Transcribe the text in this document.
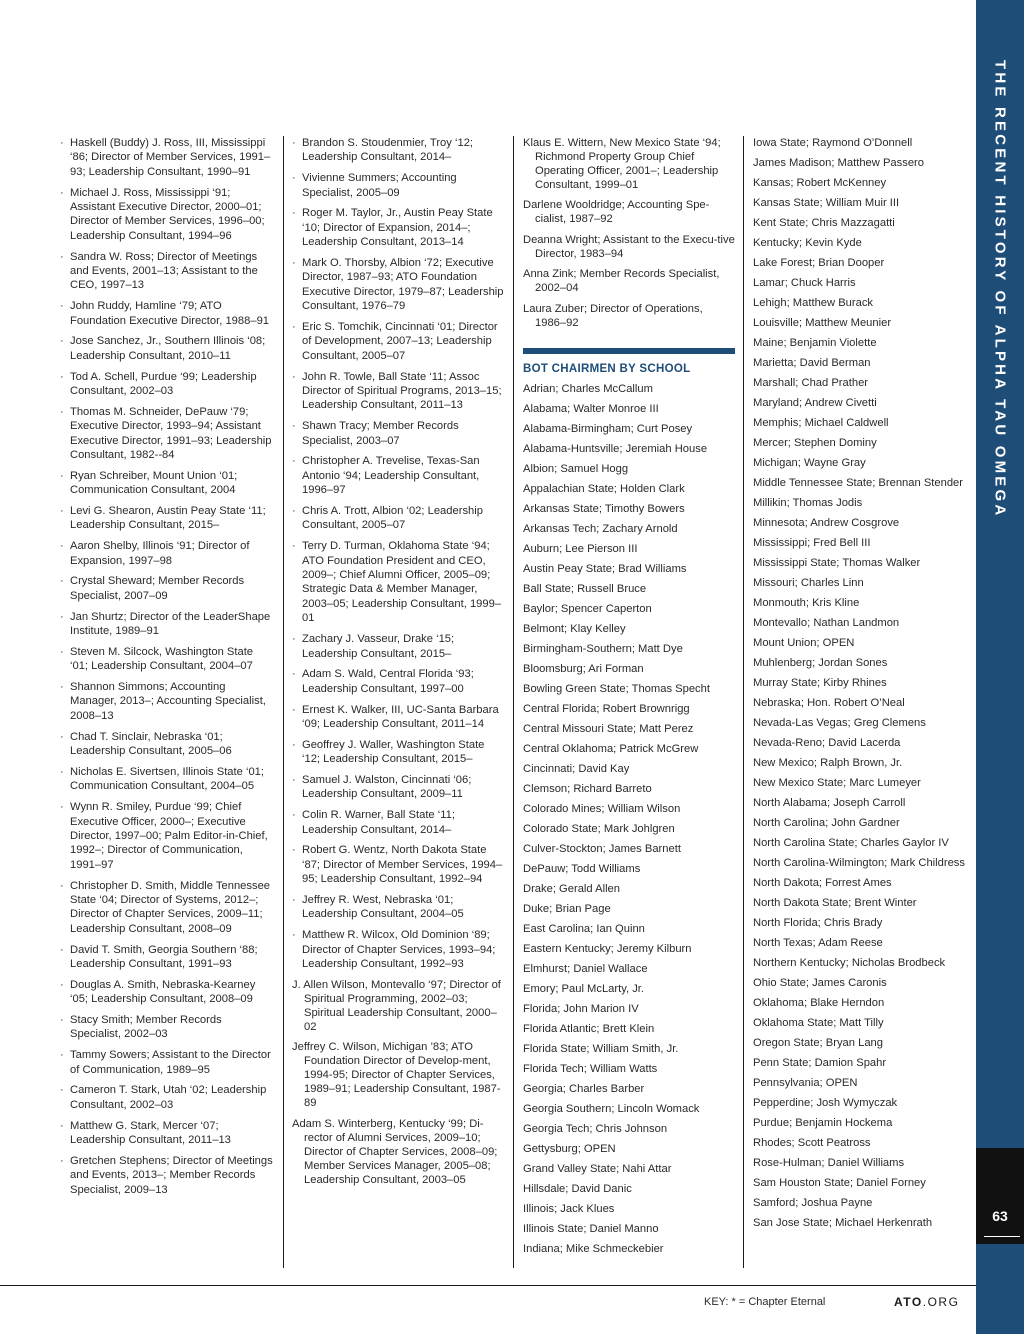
· Haskell (Buddy) J. Ross, III, Mississippi ‘86; Director of Member Services, 1991–93; Leadership Consultant, 1990–91
· Michael J. Ross, Mississippi ‘91; Assistant Executive Director, 2000–01; Director of Member Services, 1996–00; Leadership Consultant, 1994–96
· Sandra W. Ross; Director of Meetings and Events, 2001–13; Assistant to the CEO, 1997–13
· John Ruddy, Hamline ‘79; ATO Foundation Executive Director, 1988–91
· Jose Sanchez, Jr., Southern Illinois ‘08; Leadership Consultant, 2010–11
· Tod A. Schell, Purdue ‘99; Leadership Consultant, 2002–03
· Thomas M. Schneider, DePauw ‘79; Executive Director, 1993–94; Assistant Executive Director, 1991–93; Leadership Consultant, 1982--84
· Ryan Schreiber, Mount Union ‘01; Communication Consultant, 2004
· Levi G. Shearon, Austin Peay State ‘11; Leadership Consultant, 2015–
· Aaron Shelby, Illinois ‘91; Director of Expansion, 1997–98
· Crystal Sheward; Member Records Specialist, 2007–09
· Jan Shurtz; Director of the LeaderShape Institute, 1989–91
· Steven M. Silcock, Washington State ‘01; Leadership Consultant, 2004–07
· Shannon Simmons; Accounting Manager, 2013–; Accounting Specialist, 2008–13
· Chad T. Sinclair, Nebraska ‘01; Leadership Consultant, 2005–06
· Nicholas E. Sivertsen, Illinois State ‘01; Communication Consultant, 2004–05
· Wynn R. Smiley, Purdue ‘99; Chief Executive Officer, 2000–; Executive Director, 1997–00; Palm Editor-in-Chief, 1992–; Director of Communication, 1991–97
· Christopher D. Smith, Middle Tennessee State ‘04; Director of Systems, 2012–; Director of Chapter Services, 2009–11; Leadership Consultant, 2008–09
· David T. Smith, Georgia Southern ‘88; Leadership Consultant, 1991–93
· Douglas A. Smith, Nebraska-Kearney ‘05; Leadership Consultant, 2008–09
· Stacy Smith; Member Records Specialist, 2002–03
· Tammy Sowers; Assistant to the Director of Communication, 1989–95
· Cameron T. Stark, Utah ‘02; Leadership Consultant, 2002–03
· Matthew G. Stark, Mercer ‘07; Leadership Consultant, 2011–13
· Gretchen Stephens; Director of Meetings and Events, 2013–; Member Records Specialist, 2009–13
· Brandon S. Stoudenmier, Troy ‘12; Leadership Consultant, 2014–
· Vivienne Summers; Accounting Specialist, 2005–09
· Roger M. Taylor, Jr., Austin Peay State ‘10; Director of Expansion, 2014–; Leadership Consultant, 2013–14
· Mark O. Thorsby, Albion ‘72; Executive Director, 1987–93; ATO Foundation Executive Director, 1979–87; Leadership Consultant, 1976–79
· Eric S. Tomchik, Cincinnati ‘01; Director of Development, 2007–13; Leadership Consultant, 2005–07
· John R. Towle, Ball State ‘11; Assoc Director of Spiritual Programs, 2013–15; Leadership Consultant, 2011–13
· Shawn Tracy; Member Records Specialist, 2003–07
· Christopher A. Trevelise, Texas-San Antonio ‘94; Leadership Consultant, 1996–97
· Chris A. Trott, Albion ‘02; Leadership Consultant, 2005–07
· Terry D. Turman, Oklahoma State ‘94; ATO Foundation President and CEO, 2009–; Chief Alumni Officer, 2005–09; Strategic Data & Member Manager, 2003–05; Leadership Consultant, 1999–01
· Zachary J. Vasseur, Drake ‘15; Leadership Consultant, 2015–
· Adam S. Wald, Central Florida ‘93; Leadership Consultant, 1997–00
· Ernest K. Walker, III, UC-Santa Barbara ‘09; Leadership Consultant, 2011–14
· Geoffrey J. Waller, Washington State ‘12; Leadership Consultant, 2015–
· Samuel J. Walston, Cincinnati ‘06; Leadership Consultant, 2009–11
· Colin R. Warner, Ball State ‘11; Leadership Consultant, 2014–
· Robert G. Wentz, North Dakota State ‘87; Director of Member Services, 1994–95; Leadership Consultant, 1992–94
· Jeffrey R. West, Nebraska ‘01; Leadership Consultant, 2004–05
· Matthew R. Wilcox, Old Dominion ‘89; Director of Chapter Services, 1993–94; Leadership Consultant, 1992–93
J. Allen Wilson, Montevallo ‘97; Director of Spiritual Programming, 2002–03; Spiritual Leadership Consultant, 2000–02
Jeffrey C. Wilson, Michigan ’83; ATO Foundation Director of Develop-ment, 1994-95; Director of Chapter Services, 1989–91; Leadership Consultant, 1987-89
Adam S. Winterberg, Kentucky ‘99; Di-rector of Alumni Services, 2009–10; Director of Chapter Services, 2008–09; Member Services Manager, 2005–08; Leadership Consultant, 2003–05
Klaus E. Wittern, New Mexico State ‘94; Richmond Property Group Chief Operating Officer, 2001–; Leadership Consultant, 1999–01
Darlene Wooldridge; Accounting Spe-cialist, 1987–92
Deanna Wright; Assistant to the Execu-tive Director, 1983–94
Anna Zink; Member Records Specialist, 2002–04
Laura Zuber; Director of Operations, 1986–92
BOT CHAIRMEN BY SCHOOL
Adrian; Charles McCallum
Alabama; Walter Monroe III
Alabama-Birmingham; Curt Posey
Alabama-Huntsville; Jeremiah House
Albion; Samuel Hogg
Appalachian State; Holden Clark
Arkansas State; Timothy Bowers
Arkansas Tech; Zachary Arnold
Auburn; Lee Pierson III
Austin Peay State; Brad Williams
Ball State; Russell Bruce
Baylor; Spencer Caperton
Belmont; Klay Kelley
Birmingham-Southern; Matt Dye
Bloomsburg; Ari Forman
Bowling Green State; Thomas Specht
Central Florida; Robert Brownrigg
Central Missouri State; Matt Perez
Central Oklahoma; Patrick McGrew
Cincinnati; David Kay
Clemson; Richard Barreto
Colorado Mines; William Wilson
Colorado State; Mark Johlgren
Culver-Stockton; James Barnett
DePauw; Todd Williams
Drake; Gerald Allen
Duke; Brian Page
East Carolina; Ian Quinn
Eastern Kentucky; Jeremy Kilburn
Elmhurst; Daniel Wallace
Emory; Paul McLarty, Jr.
Florida; John Marion IV
Florida Atlantic; Brett Klein
Florida State; William Smith, Jr.
Florida Tech; William Watts
Georgia; Charles Barber
Georgia Southern; Lincoln Womack
Georgia Tech; Chris Johnson
Gettysburg; OPEN
Grand Valley State; Nahi Attar
Hillsdale; David Danic
Illinois; Jack Klues
Illinois State; Daniel Manno
Indiana; Mike Schmeckebier
Iowa State; Raymond O’Donnell
James Madison; Matthew Passero
Kansas; Robert McKenney
Kansas State; William Muir III
Kent State; Chris Mazzagatti
Kentucky; Kevin Kyde
Lake Forest; Brian Dooper
Lamar; Chuck Harris
Lehigh; Matthew Burack
Louisville; Matthew Meunier
Maine; Benjamin Violette
Marietta; David Berman
Marshall; Chad Prather
Maryland; Andrew Civetti
Memphis; Michael Caldwell
Mercer; Stephen Dominy
Michigan; Wayne Gray
Middle Tennessee State; Brennan Stender
Millikin; Thomas Jodis
Minnesota; Andrew Cosgrove
Mississippi; Fred Bell III
Mississippi State; Thomas Walker
Missouri; Charles Linn
Monmouth; Kris Kline
Montevallo; Nathan Landmon
Mount Union; OPEN
Muhlenberg; Jordan Sones
Murray State; Kirby Rhines
Nebraska; Hon. Robert O’Neal
Nevada-Las Vegas; Greg Clemens
Nevada-Reno; David Lacerda
New Mexico; Ralph Brown, Jr.
New Mexico State; Marc Lumeyer
North Alabama; Joseph Carroll
North Carolina; John Gardner
North Carolina State; Charles Gaylor IV
North Carolina-Wilmington; Mark Childress
North Dakota; Forrest Ames
North Dakota State; Brent Winter
North Florida; Chris Brady
North Texas; Adam Reese
Northern Kentucky; Nicholas Brodbeck
Ohio State; James Caronis
Oklahoma; Blake Herndon
Oklahoma State; Matt Tilly
Oregon State; Bryan Lang
Penn State; Damion Spahr
Pennsylvania; OPEN
Pepperdine; Josh Wymyczak
Purdue; Benjamin Hockema
Rhodes; Scott Peatross
Rose-Hulman; Daniel Williams
Sam Houston State; Daniel Forney
Samford; Joshua Payne
San Jose State; Michael Herkenrath
THE RECENT HISTORY OF ALPHA TAU OMEGA
63
KEY: * = Chapter Eternal	ATO.ORG
